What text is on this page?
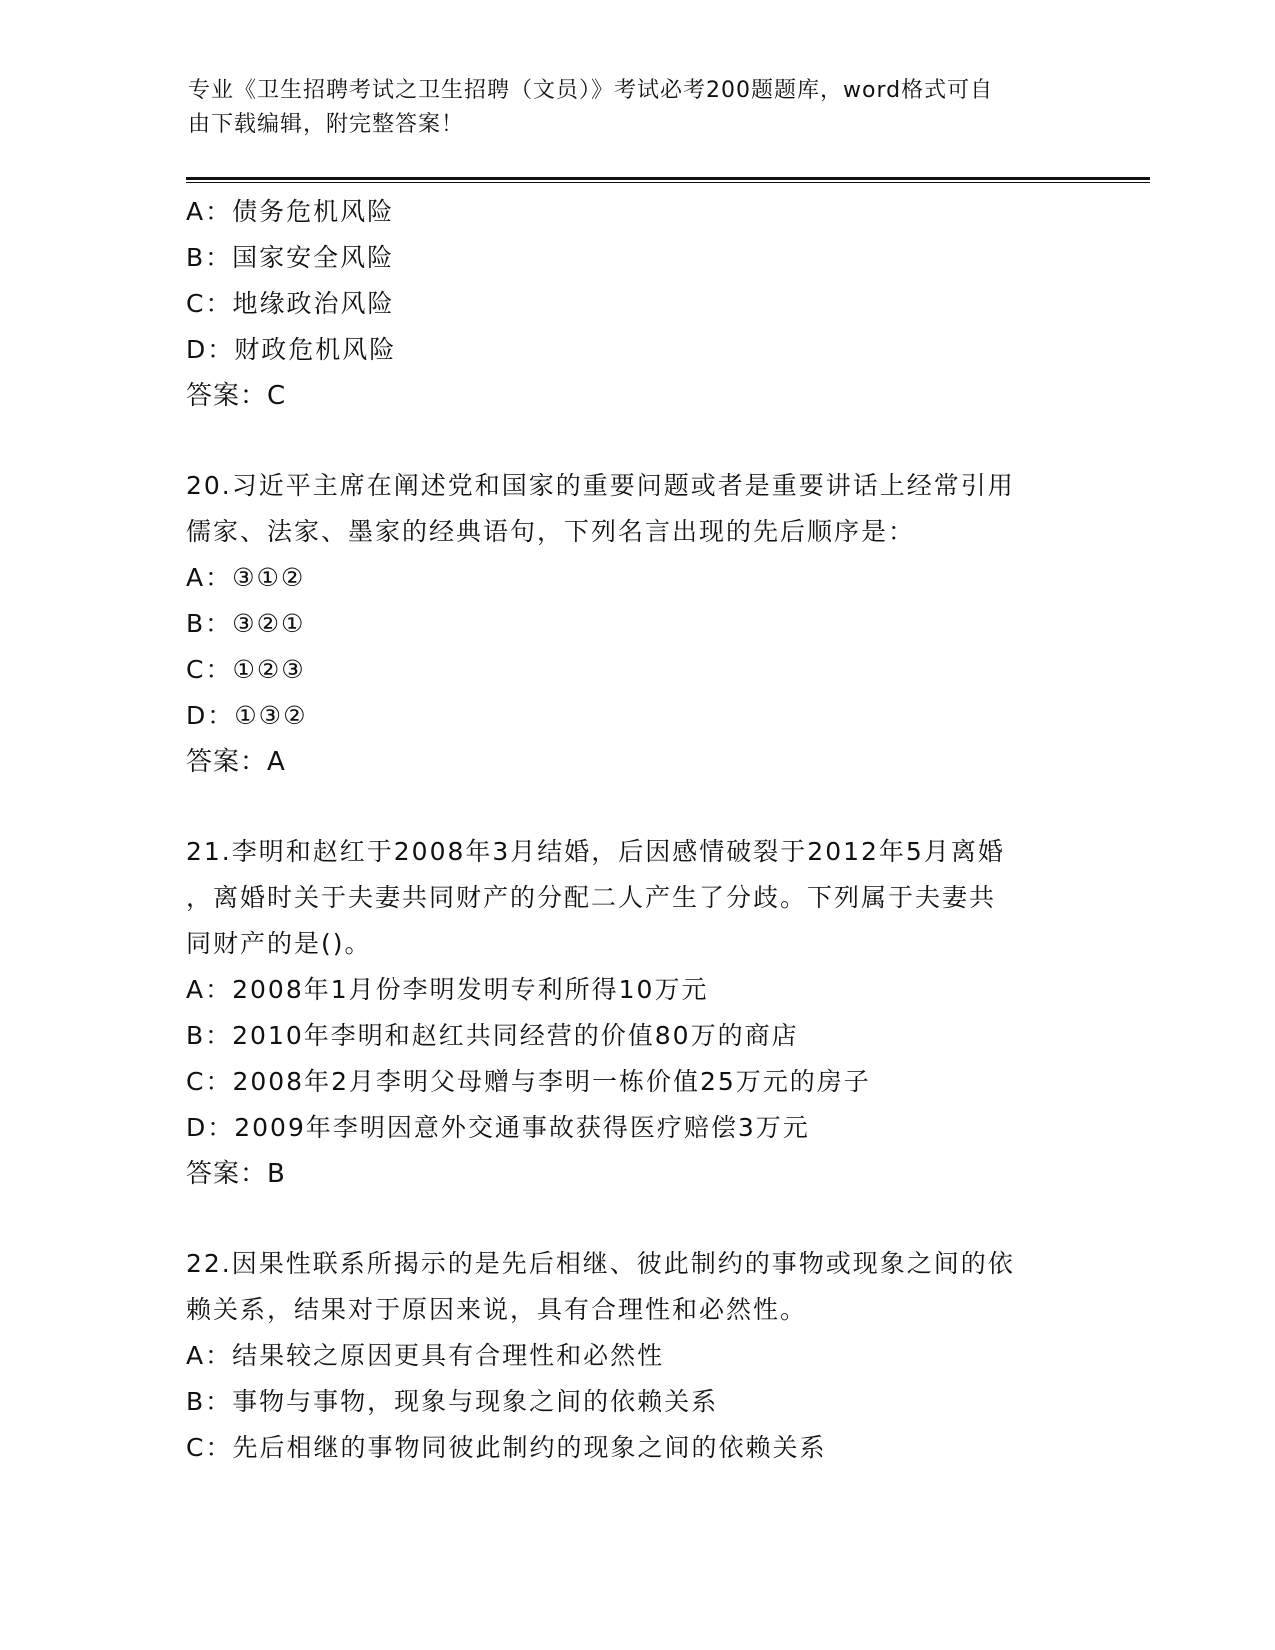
专业《卫生招聘考试之卫生招聘（文员）》考试必考200题题库，word格式可自
由下载编辑，附完整答案！
A：债务危机风险
B：国家安全风险
C：地缘政治风险
D：财政危机风险
答案：C
20.习近平主席在阐述党和国家的重要问题或者是重要讲话上经常引用
儒家、法家、墨家的经典语句，下列名言出现的先后顺序是：
A：③①②
B：③②①
C：①②③
D：①③②
答案：A
21.李明和赵红于2008年3月结婚，后因感情破裂于2012年5月离婚
，离婚时关于夫妻共同财产的分配二人产生了分歧。下列属于夫妻共
同财产的是()。
A：2008年1月份李明发明专利所得10万元
B：2010年李明和赵红共同经营的价值80万的商店
C：2008年2月李明父母赠与李明一栋价值25万元的房子
D：2009年李明因意外交通事故获得医疗赔偿3万元
答案：B
22.因果性联系所揭示的是先后相继、彼此制约的事物或现象之间的依
赖关系，结果对于原因来说，具有合理性和必然性。
A：结果较之原因更具有合理性和必然性
B：事物与事物，现象与现象之间的依赖关系
C：先后相继的事物同彼此制约的现象之间的依赖关系
